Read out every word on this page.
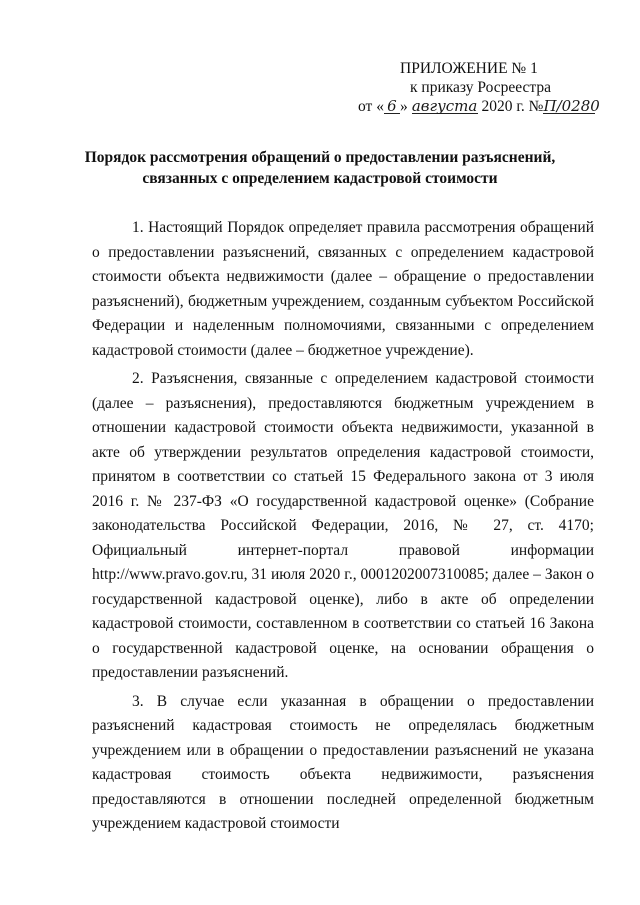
ПРИЛОЖЕНИЕ № 1
к приказу Росреестра
от « 6 » августа 2020 г. №П/0280
Порядок рассмотрения обращений о предоставлении разъяснений,
связанных с определением кадастровой стоимости

1. Настоящий Порядок определяет правила рассмотрения обращений о предоставлении разъяснений, связанных с определением кадастровой стоимости объекта недвижимости (далее – обращение о предоставлении разъяснений), бюджетным учреждением, созданным субъектом Российской Федерации и наделенным полномочиями, связанными с определением кадастровой стоимости (далее – бюджетное учреждение).

2. Разъяснения, связанные с определением кадастровой стоимости (далее – разъяснения), предоставляются бюджетным учреждением в отношении кадастровой стоимости объекта недвижимости, указанной в акте об утверждении результатов определения кадастровой стоимости, принятом в соответствии со статьей 15 Федерального закона от 3 июля 2016 г. № 237-ФЗ «О государственной кадастровой оценке» (Собрание законодательства Российской Федерации, 2016, № 27, ст. 4170; Официальный интернет-портал правовой информации http://www.pravo.gov.ru, 31 июля 2020 г., 0001202007310085; далее – Закон о государственной кадастровой оценке), либо в акте об определении кадастровой стоимости, составленном в соответствии со статьей 16 Закона о государственной кадастровой оценке, на основании обращения о предоставлении разъяснений.

3. В случае если указанная в обращении о предоставлении разъяснений кадастровая стоимость не определялась бюджетным учреждением или в обращении о предоставлении разъяснений не указана кадастровая стоимость объекта недвижимости, разъяснения предоставляются в отношении последней определенной бюджетным учреждением кадастровой стоимости
